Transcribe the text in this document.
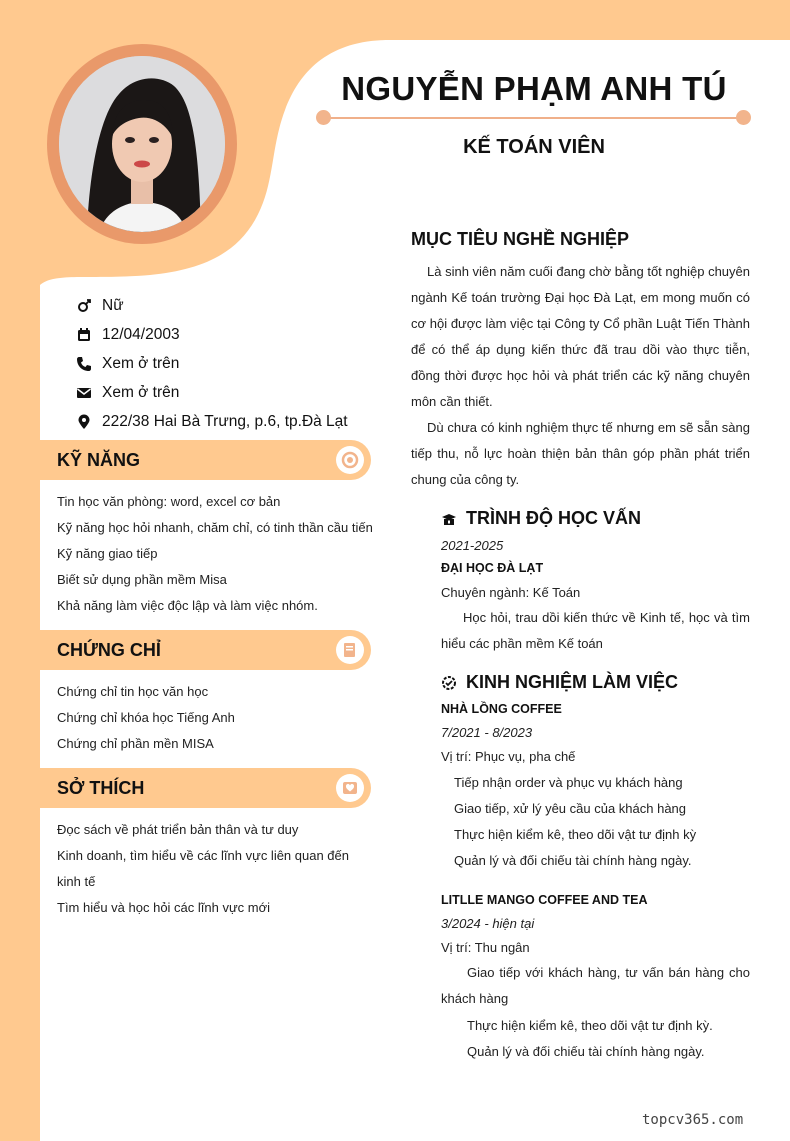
NGUYỄN PHẠM ANH TÚ
KẾ TOÁN VIÊN
Nữ
12/04/2003
Xem ở trên
Xem ở trên
222/38 Hai Bà Trưng, p.6, tp.Đà Lạt
KỸ NĂNG
Tin học văn phòng: word, excel cơ bản
Kỹ năng học hỏi nhanh, chăm chỉ, có tinh thần cầu tiến
Kỹ năng giao tiếp
Biết sử dụng phần mềm Misa
Khả năng làm việc độc lập và làm việc nhóm.
CHỨNG CHỈ
Chứng chỉ tin học văn học
Chứng chỉ khóa học Tiếng Anh
Chứng chỉ phần mền MISA
SỞ THÍCH
Đọc sách về phát triển bản thân và tư duy
Kinh doanh, tìm hiểu về các lĩnh vực liên quan đến kinh tế
Tìm hiểu và học hỏi các lĩnh vực mới
MỤC TIÊU NGHỀ NGHIỆP

Là sinh viên năm cuối đang chờ bằng tốt nghiệp chuyên ngành Kế toán trường Đại học Đà Lạt, em mong muốn có cơ hội được làm việc tại Công ty Cổ phần Luật Tiến Thành để có thể áp dụng kiến thức đã trau dồi vào thực tiễn, đồng thời được học hỏi và phát triển các kỹ năng chuyên môn cần thiết.

Dù chưa có kinh nghiệm thực tế nhưng em sẽ sẵn sàng tiếp thu, nỗ lực hoàn thiện bản thân góp phần phát triển chung của công ty.

TRÌNH ĐỘ HỌC VẤN
2021-2025
ĐẠI HỌC ĐÀ LẠT
Chuyên ngành: Kế Toán

Học hỏi, trau dồi kiến thức về Kinh tế, học và tìm hiểu các phần mềm Kế toán

KINH NGHIỆM LÀM VIỆC
NHÀ LỒNG COFFEE
7/2021 - 8/2023
Vị trí: Phục vụ, pha chế
Tiếp nhận order và phục vụ khách hàng
Giao tiếp, xử lý yêu cầu của khách hàng
Thực hiện kiểm kê, theo dõi vật tư định kỳ
Quản lý và đối chiếu tài chính hàng ngày.
LITLLE MANGO COFFEE AND TEA
3/2024 - hiện tại
Vị trí: Thu ngân

Giao tiếp với khách hàng, tư vấn bán hàng cho khách hàng

Thực hiện kiểm kê, theo dõi vật tư định kỳ.
Quản lý và đối chiếu tài chính hàng ngày.
topcv365.com
